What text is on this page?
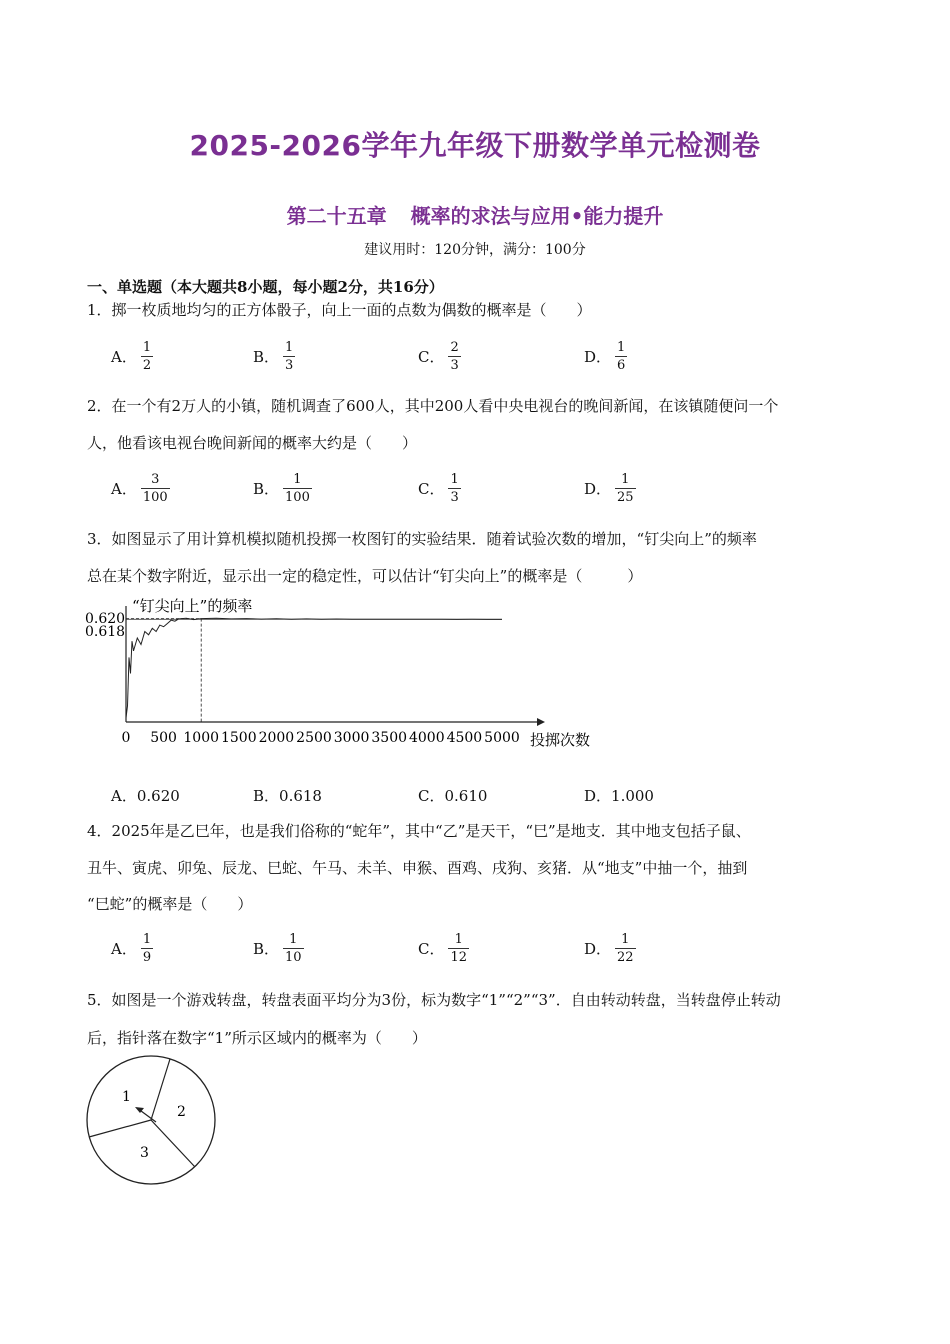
2025-2026学年九年级下册数学单元检测卷
第二十五章 概率的求法与应用•能力提升
建议用时：120分钟，满分：100分
一、单选题（本大题共8小题，每小题2分，共16分）
1．掷一枚质地均匀的正方体骰子，向上一面的点数为偶数的概率是（　　）
A． $\frac{1}{2}$	B． $\frac{1}{3}$	C． $\frac{2}{3}$	D． $\frac{1}{6}$
2．在一个有2万人的小镇，随机调查了600人，其中200人看中央电视台的晚间新闻，在该镇随便问一个
人，他看该电视台晚间新闻的概率大约是（　　）
A． $\frac{3}{100}$	B． $\frac{1}{100}$	C． $\frac{1}{3}$	D． $\frac{1}{25}$
3．如图显示了用计算机模拟随机投掷一枚图钉的实验结果．随着试验次数的增加，“钉尖向上”的频率
总在某个数字附近，显示出一定的稳定性，可以估计“钉尖向上”的概率是（　　　）
0.620
0.618
“钉尖向上”的频率
投掷次数
0 500 1000 1500 2000 2500 3000 3500 4000 4500 5000
A．0.620	B．0.618	C．0.610	D．1.000
4．2025年是乙巳年，也是我们俗称的“蛇年”，其中“乙”是天干，“巳”是地支．其中地支包括子鼠、
丑牛、寅虎、卯兔、辰龙、巳蛇、午马、未羊、申猴、酉鸡、戌狗、亥猪．从“地支”中抽一个，抽到
“巳蛇”的概率是（　　）
A． $\frac{1}{9}$	B． $\frac{1}{10}$	C． $\frac{1}{12}$	D． $\frac{1}{22}$
5．如图是一个游戏转盘，转盘表面平均分为3份，标为数字“1”“2”“3”．自由转动转盘，当转盘停止转动
后，指针落在数字“1”所示区域内的概率为（　　）
1
2
3
